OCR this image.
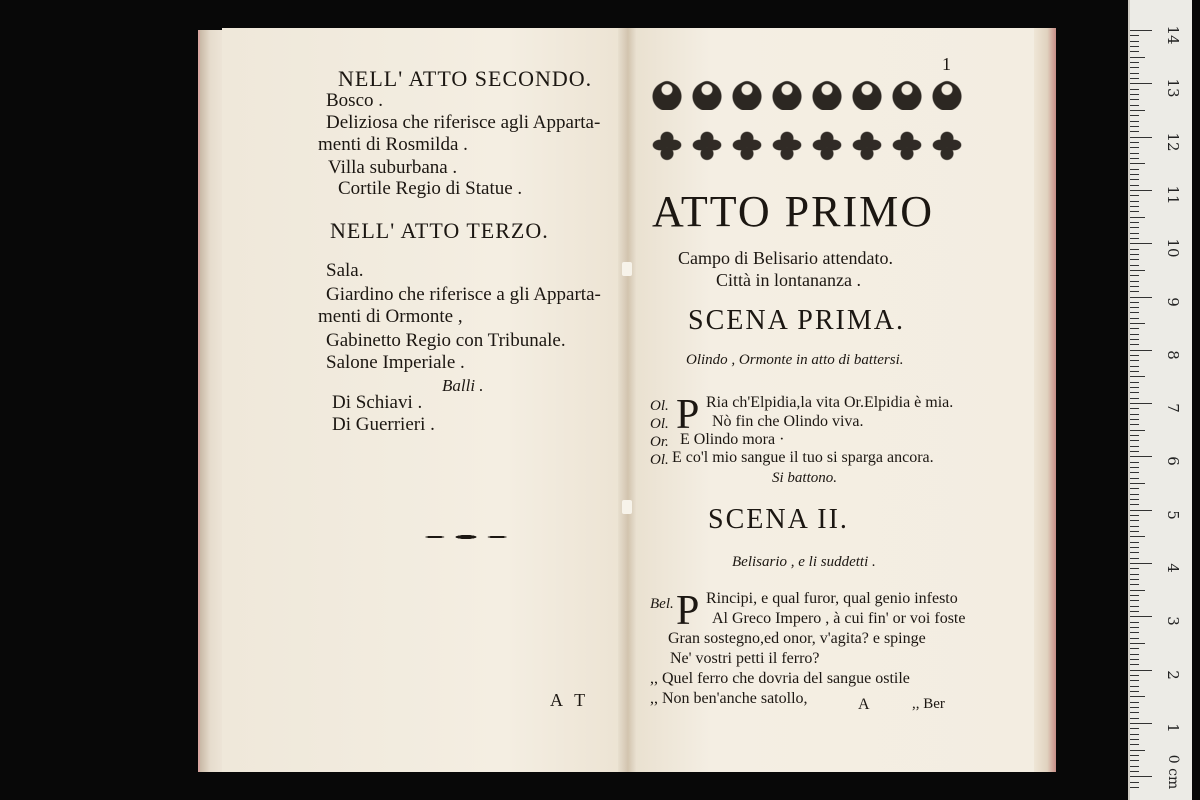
NELL' ATTO SECONDO.
Bosco .
Deliziosa che riferisce agli Apparta-
menti di Rosmilda .
Villa suburbana .
Cortile Regio di Statue .
NELL' ATTO TERZO.
Sala.
Giardino che riferisce a gli Apparta-
menti di Ormonte ,
Gabinetto Regio con Tribunale.
Salone Imperiale .
Balli .
Di Schiavi .
Di Guerrieri .
A T
1
ATTO PRIMO
Campo di Belisario attendato.
Città in lontananza .
SCENA PRIMA.
Olindo , Ormonte in atto di battersi.
P
Ol. Ria ch'Elpidia,la vita Or.Elpidia è mia.
Ol.	Nò fin che Olindo viva.
Or. E Olindo mora ·
Ol. E co'l mio sangue il tuo si sparga ancora.
Si battono.
SCENA II.
Belisario , e li suddetti .
P
Bel. Rincipi, e qual furor, qual genio infesto
Al Greco Impero , à cui fin' or voi foste
Gran sostegno,ed onor, v'agita? e spinge
Ne' vostri petti il ferro?
,, Quel ferro che dovria del sangue ostile
,, Non ben'anche satollo,	A	,, Ber
0 cm
14
13
12
11
10
9
8
7
6
5
4
3
2
1
